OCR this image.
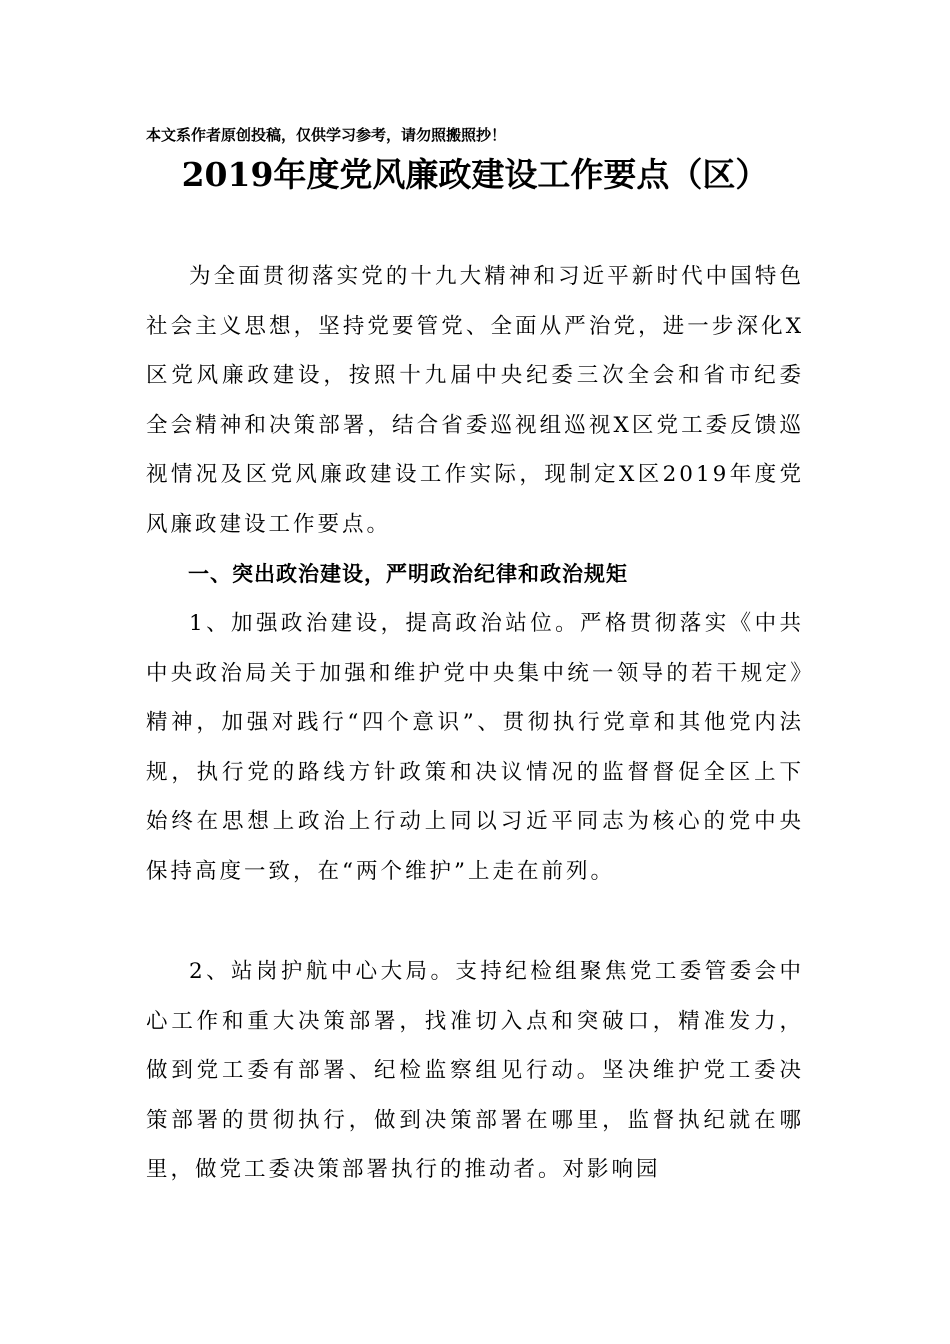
本文系作者原创投稿，仅供学习参考，请勿照搬照抄！
2019年度党风廉政建设工作要点（区）

为全面贯彻落实党的十九大精神和习近平新时代中国特色社会主义思想，坚持党要管党、全面从严治党，进一步深化X区党风廉政建设，按照十九届中央纪委三次全会和省市纪委全会精神和决策部署，结合省委巡视组巡视X区党工委反馈巡视情况及区党风廉政建设工作实际，现制定X区2019年度党风廉政建设工作要点。

一、突出政治建设，严明政治纪律和政治规矩

1、加强政治建设，提高政治站位。严格贯彻落实《中共中央政治局关于加强和维护党中央集中统一领导的若干规定》精神，加强对践行“四个意识”、贯彻执行党章和其他党内法规，执行党的路线方针政策和决议情况的监督督促全区上下始终在思想上政治上行动上同以习近平同志为核心的党中央保持高度一致，在“两个维护”上走在前列。

2、站岗护航中心大局。支持纪检组聚焦党工委管委会中心工作和重大决策部署，找准切入点和突破口，精准发力，做到党工委有部署、纪检监察组见行动。坚决维护党工委决策部署的贯彻执行，做到决策部署在哪里，监督执纪就在哪里，做党工委决策部署执行的推动者。对影响园
